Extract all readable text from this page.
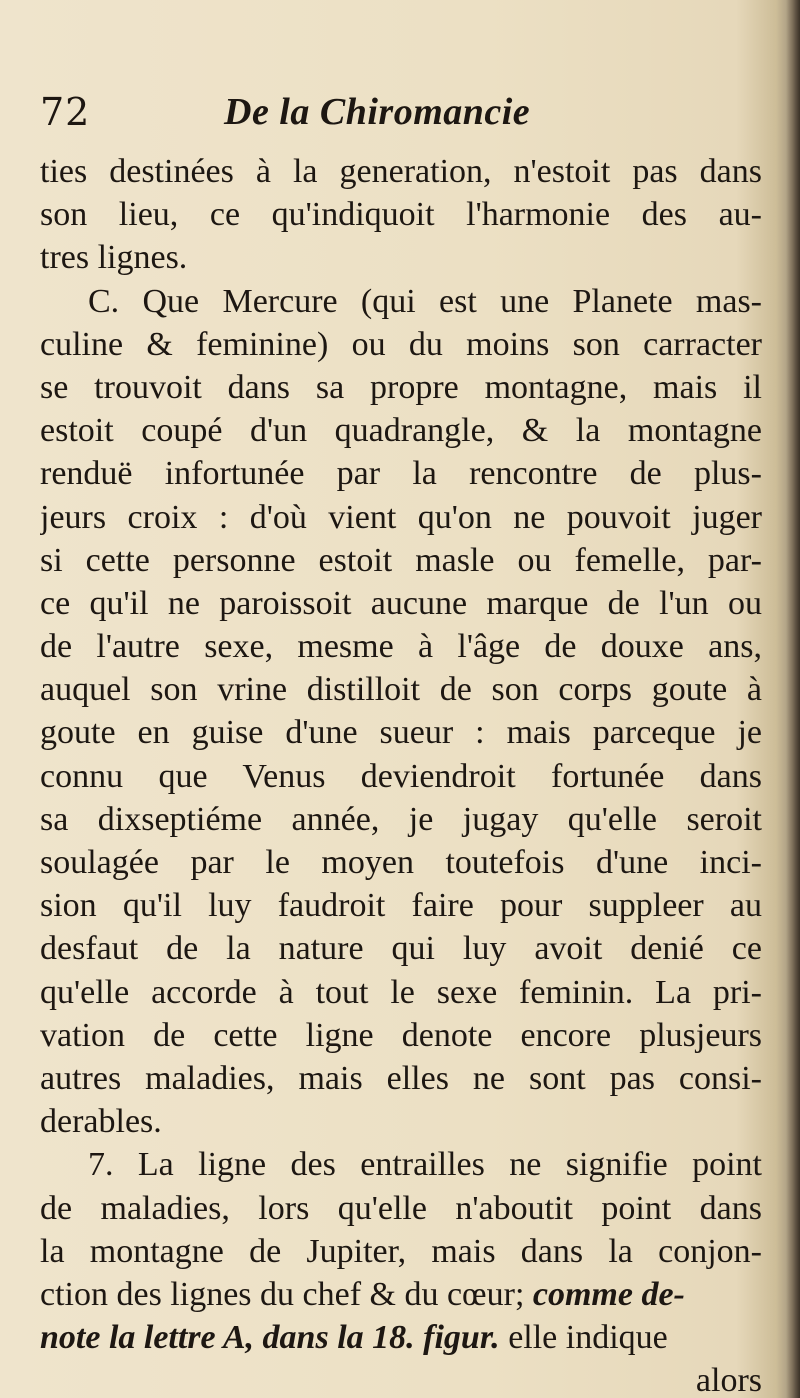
72	De la Chiromancie
ties destinées à la generation, n'estoit pas dans
son lieu, ce qu'indiquoit l'harmonie des au-
tres lignes.
C. Que Mercure (qui est une Planete mas-
culine & feminine) ou du moins son carracter
se trouvoit dans sa propre montagne, mais il
estoit coupé d'un quadrangle, & la montagne
renduë infortunée par la rencontre de plus-
jeurs croix : d'où vient qu'on ne pouvoit juger
si cette personne estoit masle ou femelle, par-
ce qu'il ne paroissoit aucune marque de l'un ou
de l'autre sexe, mesme à l'âge de douxe ans,
auquel son vrine distilloit de son corps goute à
goute en guise d'une sueur : mais parceque je
connu que Venus deviendroit fortunée dans
sa dixseptiéme année, je jugay qu'elle seroit
soulagée par le moyen toutefois d'une inci-
sion qu'il luy faudroit faire pour suppleer au
desfaut de la nature qui luy avoit denié ce
qu'elle accorde à tout le sexe feminin. La pri-
vation de cette ligne denote encore plusjeurs
autres maladies, mais elles ne sont pas consi-
derables.
7. La ligne des entrailles ne signifie point
de maladies, lors qu'elle n'aboutit point dans
la montagne de Jupiter, mais dans la conjon-
ction des lignes du chef & du cœur; comme de-
note la lettre A, dans la 18. figur. elle indique
alors
